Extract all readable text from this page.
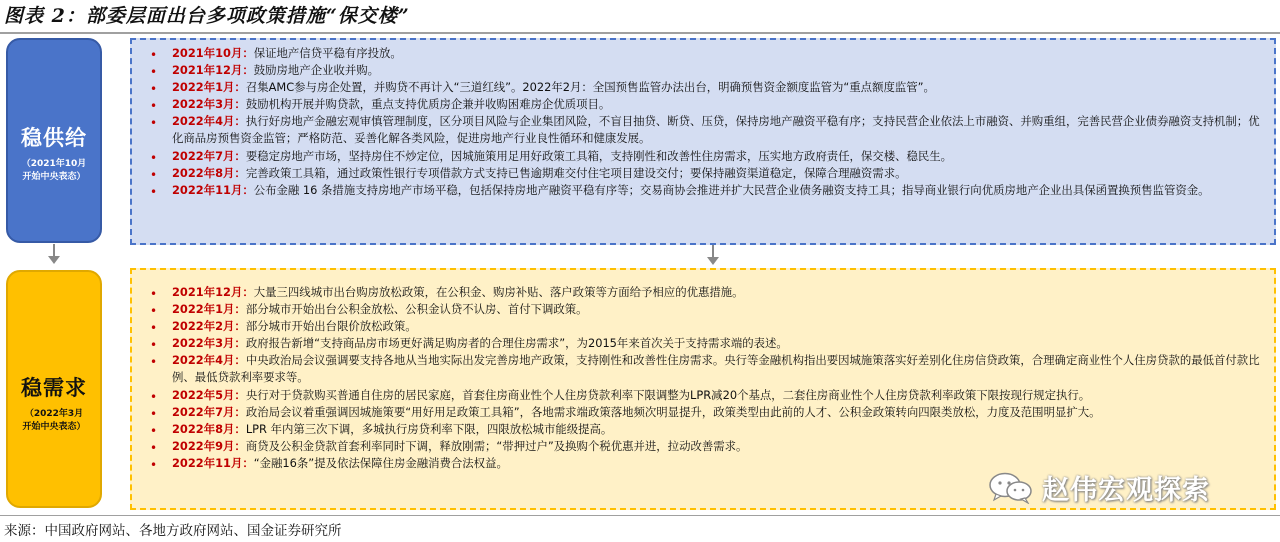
图表 2：部委层面出台多项政策措施“保交楼”
稳供给
（2021年10月
开始中央表态）
稳需求
（2022年3月
开始中央表态）
• 2021年10月：保证地产信贷平稳有序投放。
• 2021年12月：鼓励房地产企业收并购。
• 2022年1月：召集AMC参与房企处置，并购贷不再计入“三道红线”。2022年2月：全国预售监管办法出台，明确预售资金额度监管为“重点额度监管”。
• 2022年3月：鼓励机构开展并购贷款，重点支持优质房企兼并收购困难房企优质项目。
• 2022年4月：执行好房地产金融宏观审慎管理制度，区分项目风险与企业集团风险，不盲目抽贷、断贷、压贷，保持房地产融资平稳有序；支持民营企业依法上市融资、并购重组，完善民营企业债券融资支持机制；优化商品房预售资金监管；严格防范、妥善化解各类风险，促进房地产行业良性循环和健康发展。
• 2022年7月：要稳定房地产市场，坚持房住不炒定位，因城施策用足用好政策工具箱，支持刚性和改善性住房需求，压实地方政府责任，保交楼、稳民生。
• 2022年8月：完善政策工具箱，通过政策性银行专项借款方式支持已售逾期难交付住宅项目建设交付；要保持融资渠道稳定，保障合理融资需求。
• 2022年11月：公布金融 16 条措施支持房地产市场平稳，包括保持房地产融资平稳有序等；交易商协会推进并扩大民营企业债务融资支持工具；指导商业银行向优质房地产企业出具保函置换预售监管资金。
• 2021年12月：大量三四线城市出台购房放松政策，在公积金、购房补贴、落户政策等方面给予相应的优惠措施。
• 2022年1月：部分城市开始出台公积金放松、公积金认贷不认房、首付下调政策。
• 2022年2月：部分城市开始出台限价放松政策。
• 2022年3月：政府报告新增“支持商品房市场更好满足购房者的合理住房需求”，为2015年来首次关于支持需求端的表述。
• 2022年4月：中央政治局会议强调要支持各地从当地实际出发完善房地产政策，支持刚性和改善性住房需求。央行等金融机构指出要因城施策落实好差别化住房信贷政策，合理确定商业性个人住房贷款的最低首付款比例、最低贷款利率要求等。
• 2022年5月：央行对于贷款购买普通自住房的居民家庭，首套住房商业性个人住房贷款利率下限调整为LPR减20个基点，二套住房商业性个人住房贷款利率政策下限按现行规定执行。
• 2022年7月：政治局会议着重强调因城施策要“用好用足政策工具箱”，各地需求端政策落地频次明显提升，政策类型由此前的人才、公积金政策转向四限类放松，力度及范围明显扩大。
• 2022年8月：LPR 年内第三次下调，多城执行房贷利率下限，四限放松城市能级提高。
• 2022年9月：商贷及公积金贷款首套利率同时下调，释放刚需；“带押过户”及换购个税优惠并进，拉动改善需求。
• 2022年11月：“金融16条”提及依法保障住房金融消费合法权益。
赵伟宏观探索
来源：中国政府网站、各地方政府网站、国金证券研究所
